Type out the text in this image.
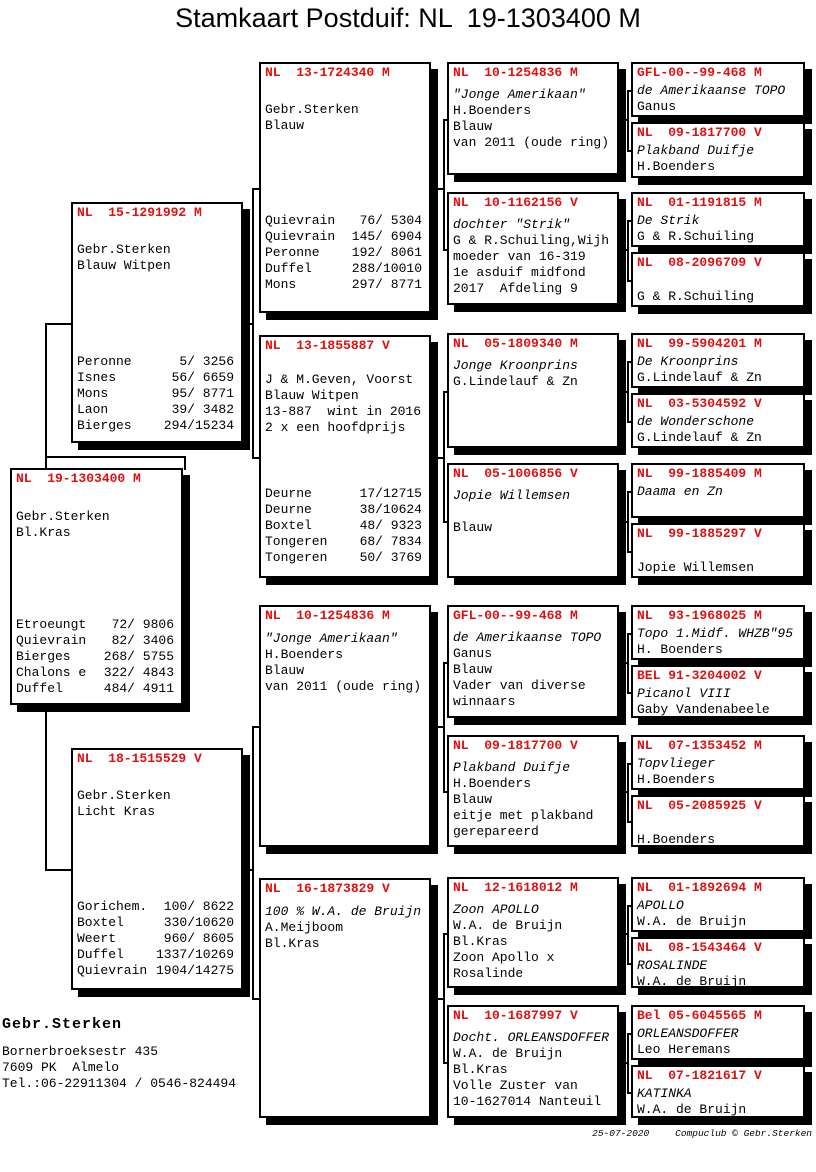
Stamkaart Postduif: NL  19-1303400 M
NL  19-1303400 M
Gebr.Sterken
Bl.Kras
Etroeungt 72/ 9806
Quievrain 82/ 3406
Bierges	268/ 5755
Chalons e 322/ 4843
Duffel	484/ 4911
NL  15-1291992 M
Gebr.Sterken
Blauw Witpen
Peronne 5/ 3256
Isnes	56/ 6659
Mons	95/ 8771
Laon	39/ 3482
Bierges 294/15234
NL  18-1515529 V
Gebr.Sterken
Licht Kras
Gorichem. 100/ 8622
Boxtel 330/10620
Weert	960/ 8605
Duffel 1337/10269
Quievrain 1904/14275
NL  13-1724340 M
Gebr.Sterken
Blauw
Quievrain 76/ 5304
Quievrain 145/ 6904
Peronne 192/ 8061
Duffel	288/10010
Mons	297/ 8771
NL  13-1855887 V
J & M.Geven, Voorst
Blauw Witpen
13-887  wint in 2016
2 x een hoofdprijs
Deurne	17/12715
Deurne	38/10624
Boxtel	48/ 9323
Tongeren 68/ 7834
Tongeren 50/ 3769
NL  10-1254836 M
"Jonge Amerikaan"
H.Boenders
Blauw
van 2011 (oude ring)
NL  16-1873829 V
100 % W.A. de Bruijn
A.Meijboom
Bl.Kras
NL  10-1254836 M
"Jonge Amerikaan"
H.Boenders
Blauw
van 2011 (oude ring)
NL  10-1162156 V
dochter "Strik"
G & R.Schuiling,Wijh
moeder van 16-319
1e asduif midfond
2017  Afdeling 9
NL  05-1809340 M
Jonge Kroonprins
G.Lindelauf & Zn
NL  05-1006856 V
Jopie Willemsen
Blauw
GFL-00--99-468 M
de Amerikaanse TOPO
Ganus
Blauw
Vader van diverse
winnaars
NL  09-1817700 V
Plakband Duifje
H.Boenders
Blauw
eitje met plakband
gerepareerd
NL  12-1618012 M
Zoon APOLLO
W.A. de Bruijn
Bl.Kras
Zoon Apollo x
Rosalinde
NL  10-1687997 V
Docht. ORLEANSDOFFER
W.A. de Bruijn
Bl.Kras
Volle Zuster van
10-1627014 Nanteuil
GFL-00--99-468 M
de Amerikaanse TOPO
Ganus
NL  09-1817700 V
Plakband Duifje
H.Boenders
NL  01-1191815 M
De Strik
G & R.Schuiling
NL  08-2096709 V
G & R.Schuiling
NL  99-5904201 M
De Kroonprins
G.Lindelauf & Zn
NL  03-5304592 V
de Wonderschone
G.Lindelauf & Zn
NL  99-1885409 M
Daama en Zn
NL  99-1885297 V
Jopie Willemsen
NL  93-1968025 M
Topo 1.Midf. WHZB"95
H. Boenders
BEL 91-3204002 V
Picanol VIII
Gaby Vandenabeele
NL  07-1353452 M
Topvlieger
H.Boenders
NL  05-2085925 V
H.Boenders
NL  01-1892694 M
APOLLO
W.A. de Bruijn
NL  08-1543464 V
ROSALINDE
W.A. de Bruijn
Bel 05-6045565 M
ORLEANSDOFFER
Leo Heremans
NL  07-1821617 V
KATINKA
W.A. de Bruijn
Gebr.Sterken
Bornerbroeksestr 435
7609 PK  Almelo
Tel.:06-22911304 / 0546-824494
25-07-2020	Compuclub © Gebr.Sterken
